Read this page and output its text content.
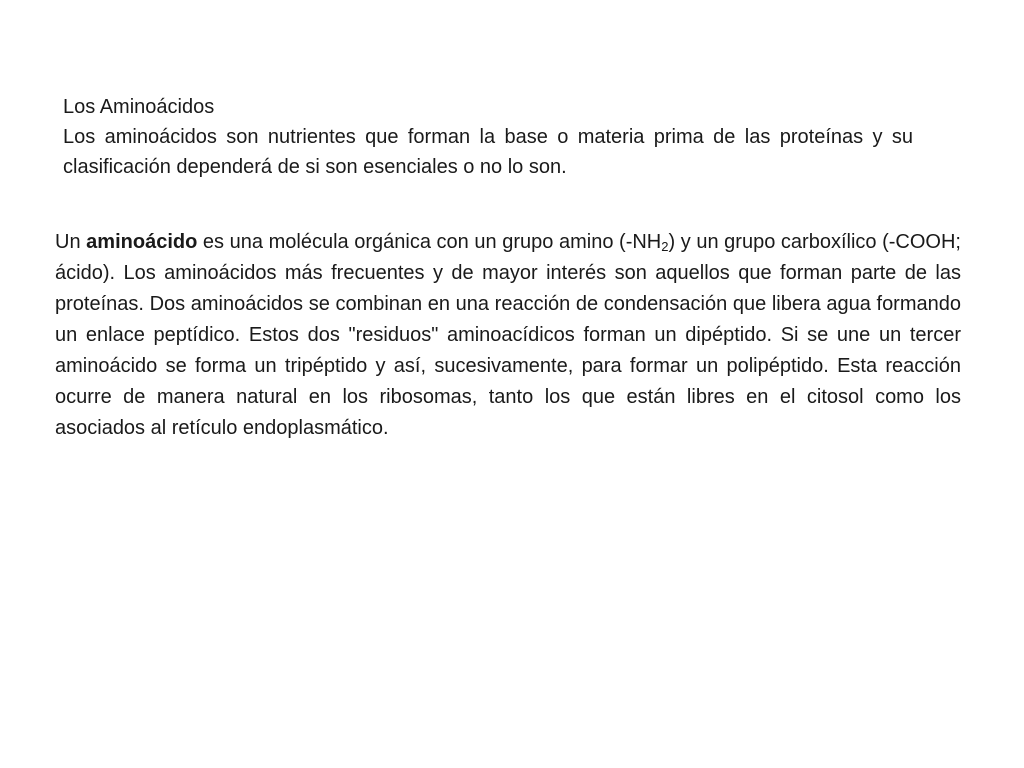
Los Aminoácidos
Los aminoácidos son nutrientes que forman la base o materia prima de las proteínas y su clasificación dependerá de si son esenciales o no lo son.
Un aminoácido es una molécula orgánica con un grupo amino $(-NH_2)$ y un grupo carboxílico (-COOH; ácido). Los aminoácidos más frecuentes y de mayor interés son aquellos que forman parte de las proteínas. Dos aminoácidos se combinan en una reacción de condensación que libera agua formando un enlace peptídico. Estos dos "residuos" aminoacídicos forman un dipéptido. Si se une un tercer aminoácido se forma un tripéptido y así, sucesivamente, para formar un polipéptido. Esta reacción ocurre de manera natural en los ribosomas, tanto los que están libres en el citosol como los asociados al retículo endoplasmático.
